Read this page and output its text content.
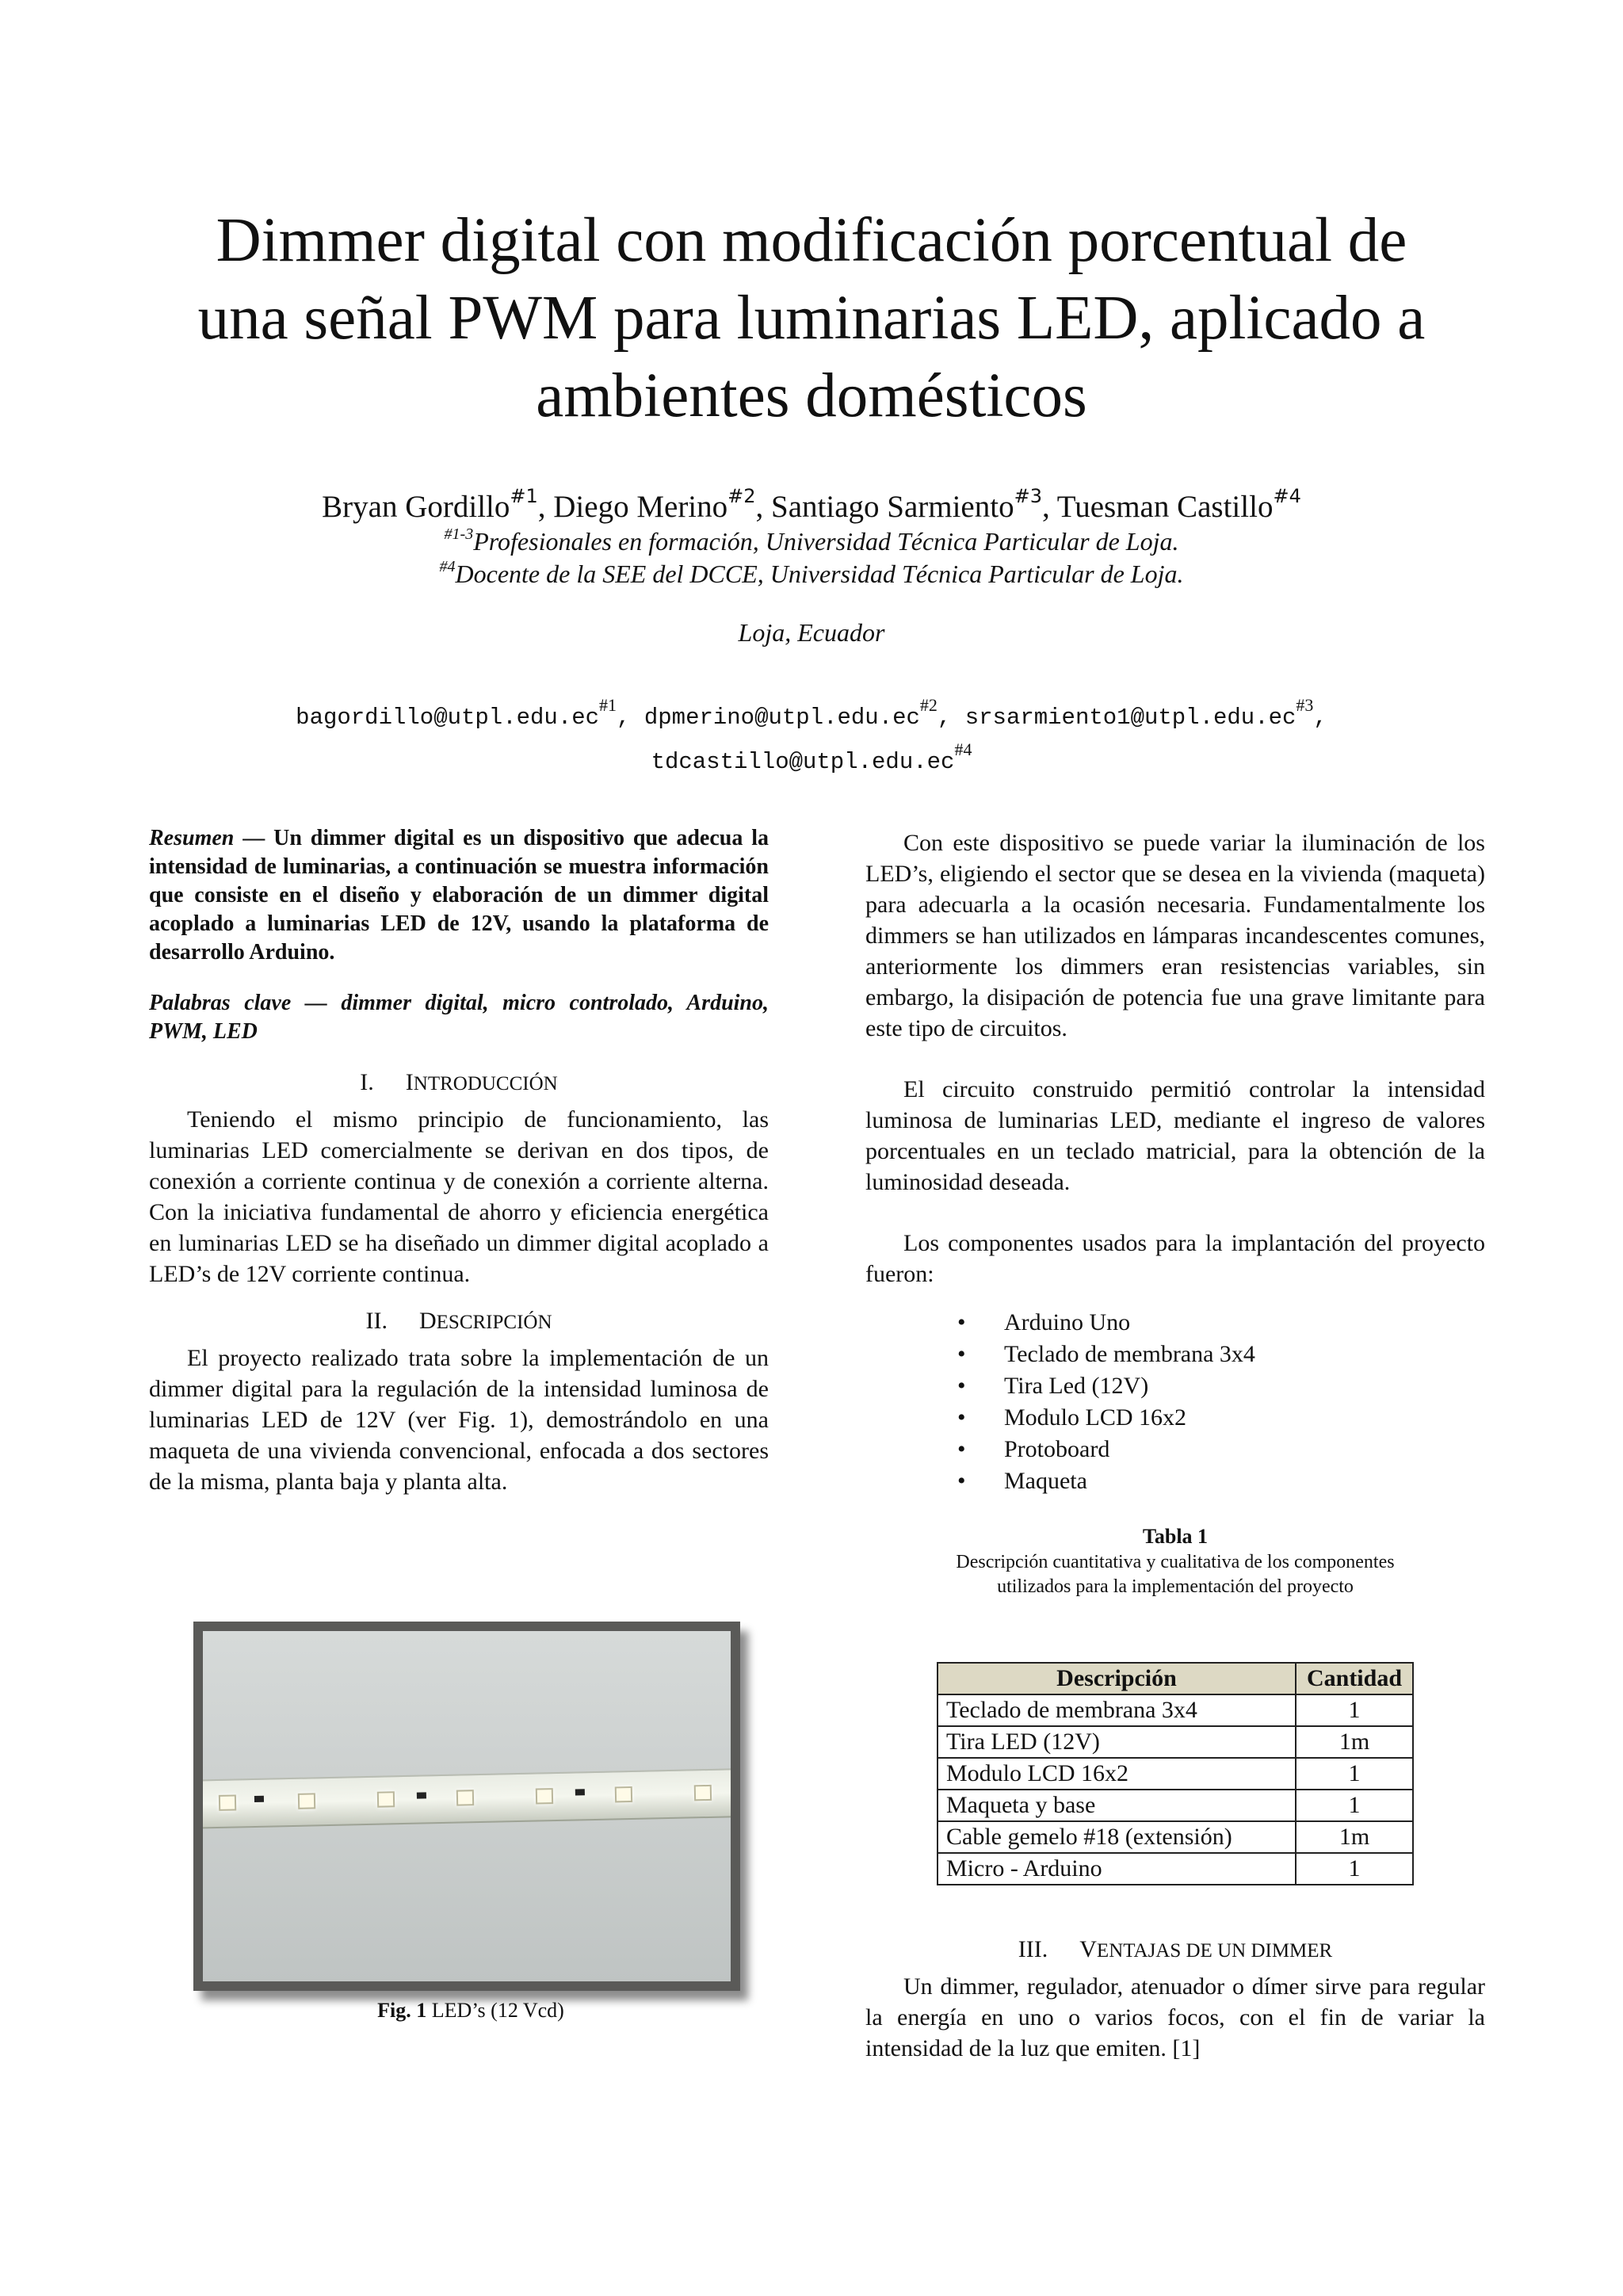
Dimmer digital con modificación porcentual de
una señal PWM para luminarias LED, aplicado a
ambientes domésticos
Bryan Gordillo$^{\#1}$, Diego Merino$^{\#2}$, Santiago Sarmiento$^{\#3}$, Tuesman Castillo$^{\#4}$
$^{\#1-3}$Profesionales en formación, Universidad Técnica Particular de Loja.
$^{\#4}$Docente de la SEE del DCCE, Universidad Técnica Particular de Loja.
Loja, Ecuador
$bagordillo@utpl.edu.ec^{\#1}$, $dpmerino@utpl.edu.ec^{\#2}$, $srsarmiento1@utpl.edu.ec^{\#3}$,
$tdcastillo@utpl.edu.ec^{\#4}$

Resumen — Un dimmer digital es un dispositivo que adecua la intensidad de luminarias, a continuación se muestra información que consiste en el diseño y elaboración de un dimmer digital acoplado a luminarias LED de 12V, usando la plataforma de desarrollo Arduino.

Palabras clave — dimmer digital, micro controlado, Arduino, PWM, LED

I. INTRODUCCIÓN

Teniendo el mismo principio de funcionamiento, las luminarias LED comercialmente se derivan en dos tipos, de conexión a corriente continua y de conexión a corriente alterna. Con la iniciativa fundamental de ahorro y eficiencia energética en luminarias LED se ha diseñado un dimmer digital acoplado a LED’s de 12V corriente continua.

II. DESCRIPCIÓN

El proyecto realizado trata sobre la implementación de un dimmer digital para la regulación de la intensidad luminosa de luminarias LED de 12V (ver Fig. 1), demostrándolo en una maqueta de una vivienda convencional, enfocada a dos sectores de la misma, planta baja y planta alta.

Fig. 1 LED’s (12 Vcd)

Con este dispositivo se puede variar la iluminación de los LED’s, eligiendo el sector que se desea en la vivienda (maqueta) para adecuarla a la ocasión necesaria. Fundamentalmente los dimmers se han utilizados en lámparas incandescentes comunes, anteriormente los dimmers eran resistencias variables, sin embargo, la disipación de potencia fue una grave limitante para este tipo de circuitos.

El circuito construido permitió controlar la intensidad luminosa de luminarias LED, mediante el ingreso de valores porcentuales en un teclado matricial, para la obtención de la luminosidad deseada.

Los componentes usados para la implantación del proyecto fueron:

• Arduino Uno
• Teclado de membrana 3x4
• Tira Led (12V)
• Modulo LCD 16x2
• Protoboard
• Maqueta

Tabla 1
Descripción cuantitativa y cualitativa de los componentes
utilizados para la implementación del proyecto

Descripción	Cantidad
Teclado de membrana 3x4	1
Tira LED (12V)	1m
Modulo LCD 16x2	1
Maqueta y base	1
Cable gemelo #18 (extensión)	1m
Micro - Arduino	1

III. VENTAJAS DE UN DIMMER

Un dimmer, regulador, atenuador o dímer sirve para regular la energía en uno o varios focos, con el fin de variar la intensidad de la luz que emiten. [1]
